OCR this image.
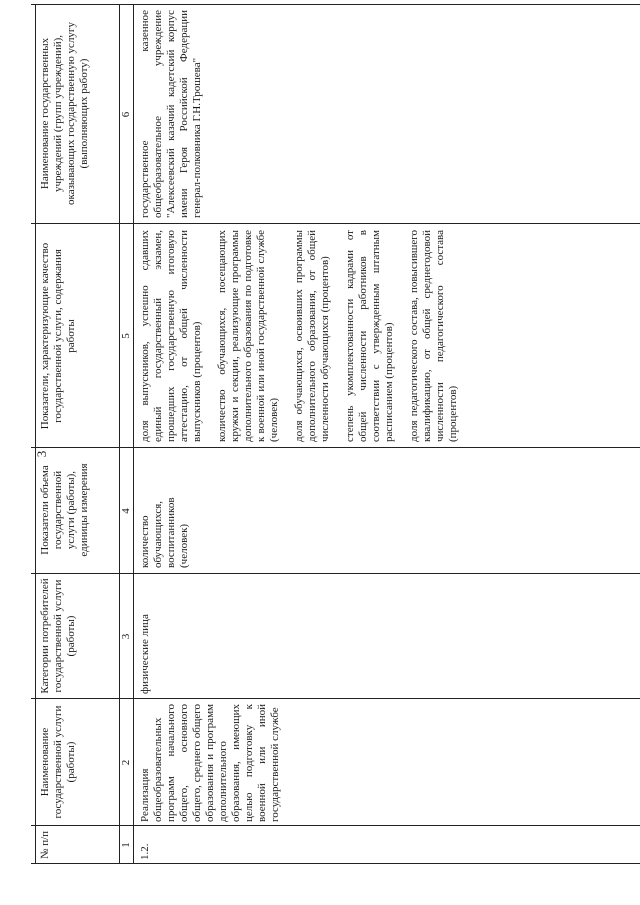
3
№ п/п
Наименование государственной услуги (работы)
Категории потребителей государственной услуги (работы)
Показатели объема государственной услуги (работы), единицы измерения
Показатели, характеризующие качество государственной услуги, содержания работы
Наименование государственных учреждений (групп учреждений), оказывающих государственную услугу (выполняющих работу)
1
2
3
4
5
6
1.2.
Реализация общеобразовательных программ начального общего, основного общего, среднего общего образования и программ дополнительного образования, имеющих целью подготовку к военной или иной государственной службе
физические лица
количество обучающихся, воспитанников (человек)

доля выпускников, успешно сдавших единый государственный экзамен, прошедших государственную итоговую аттестацию, от общей численности выпускников (процентов) количество обучающихся, посещающих кружки и секции, реализующие программы дополнительного образования по подготовке к военной или иной государственной службе (человек) доля обучающихся, освоивших программы дополнительного образования, от общей численности обучающихся (процентов) степень укомплектованности кадрами от общей численности работников в соответствии с утвержденным штатным расписанием (процентов) доля педагогического состава, повысившего квалификацию, от общей среднегодовой численности педагогического состава (процентов)

государственное казенное общеобразовательное учреждение "Алексеевский казачий кадетский корпус имени Героя Российской Федерации генерал-полковника Г.Н.Трошева"
